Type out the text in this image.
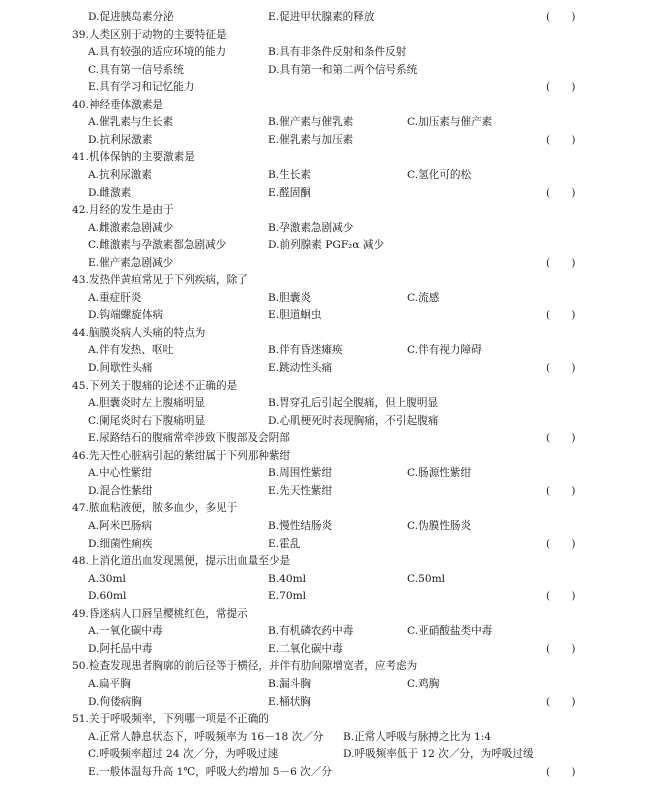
D.促进胰岛素分泌	E.促进甲状腺素的释放	(　　)
39.人类区别于动物的主要特征是
A.具有较强的适应环境的能力	B.具有非条件反射和条件反射
C.具有第一信号系统	D.具有第一和第二两个信号系统
E.具有学习和记忆能力	(　　)
40.神经垂体激素是
A.催乳素与生长素	B.催产素与催乳素	C.加压素与催产素
D.抗利尿激素	E.催乳素与加压素	(　　)
41.机体保钠的主要激素是
A.抗利尿激素	B.生长素	C.氢化可的松
D.雌激素	E.醛固酮	(　　)
42.月经的发生是由于
A.雌激素急剧减少	B.孕激素急剧减少
C.雌激素与孕激素都急剧减少	D.前列腺素 PGF₂α 减少
E.催产素急剧减少	(　　)
43.发热伴黄疸常见于下列疾病，除了
A.重症肝炎	B.胆囊炎	C.流感
D.钩端螺旋体病	E.胆道蛔虫	(　　)
44.脑膜炎病人头痛的特点为
A.伴有发热、呕吐	B.伴有昏迷瘫痪	C.伴有视力障碍
D.间歇性头痛	E.跳动性头痛	(　　)
45.下列关于腹痛的论述不正确的是
A.胆囊炎时左上腹痛明显	B.胃穿孔后引起全腹痛，但上腹明显
C.阑尾炎时右下腹痛明显	D.心肌梗死时表现胸痛，不引起腹痛
E.尿路结石的腹痛常牵涉致下腹部及会阴部	(　　)
46.先天性心脏病引起的紫绀属于下列那种紫绀
A.中心性紫绀	B.周围性紫绀	C.肠源性紫绀
D.混合性紫绀	E.先天性紫绀	(　　)
47.脓血粘液便，脓多血少，多见于
A.阿米巴肠病	B.慢性结肠炎	C.伪膜性肠炎
D.细菌性痢疾	E.霍乱	(　　)
48.上消化道出血发现黑便，提示出血量至少是
A.30ml	B.40ml	C.50ml
D.60ml	E.70ml	(　　)
49.昏迷病人口唇呈樱桃红色，常提示
A.一氧化碳中毒	B.有机磷农药中毒	C.亚硝酸盐类中毒
D.阿托品中毒	E.二氧化碳中毒	(　　)
50.检查发现患者胸廓的前后径等于横径，并伴有肋间隙增宽者，应考虑为
A.扁平胸	B.漏斗胸	C.鸡胸
D.佝偻病胸	E.桶状胸	(　　)
51.关于呼吸频率，下列哪一项是不正确的
A.正常人静息状态下，呼吸频率为 16－18 次／分 B.正常人呼吸与脉搏之比为 1:4
C.呼吸频率超过 24 次／分，为呼吸过速	D.呼吸频率低于 12 次／分，为呼吸过缓
E.一般体温每升高 1℃，呼吸大约增加 5－6 次／分	(　　)
